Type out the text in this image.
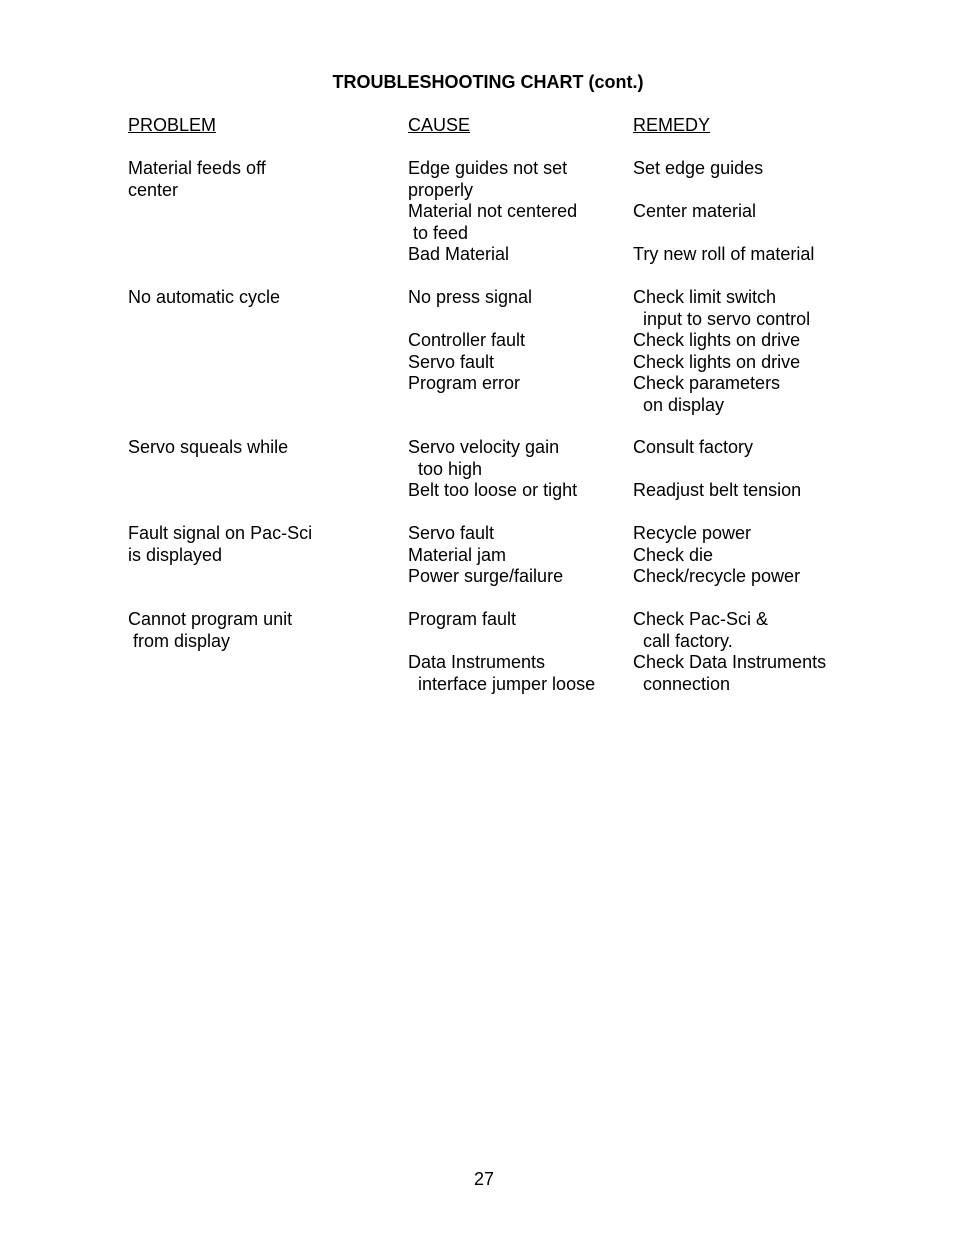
TROUBLESHOOTING CHART (cont.)
PROBLEM	CAUSE	REMEDY
Material feeds off
center
No automatic cycle
Servo squeals while
Fault signal on Pac-Sci
is displayed
Cannot program unit
from display
Edge guides not set
properly
Material not centered
to feed
Bad Material
No press signal
Controller fault
Servo fault
Program error
Servo velocity gain
too high
Belt too loose or tight
Servo fault
Material jam
Power surge/failure
Program fault
Data Instruments
interface jumper loose
Set edge guides
Center material
Try new roll of material
Check limit switch
input to servo control
Check lights on drive
Check lights on drive
Check parameters
on display
Consult factory
Readjust belt tension
Recycle power
Check die
Check/recycle power
Check Pac-Sci &
call factory.
Check Data Instruments
connection
27
